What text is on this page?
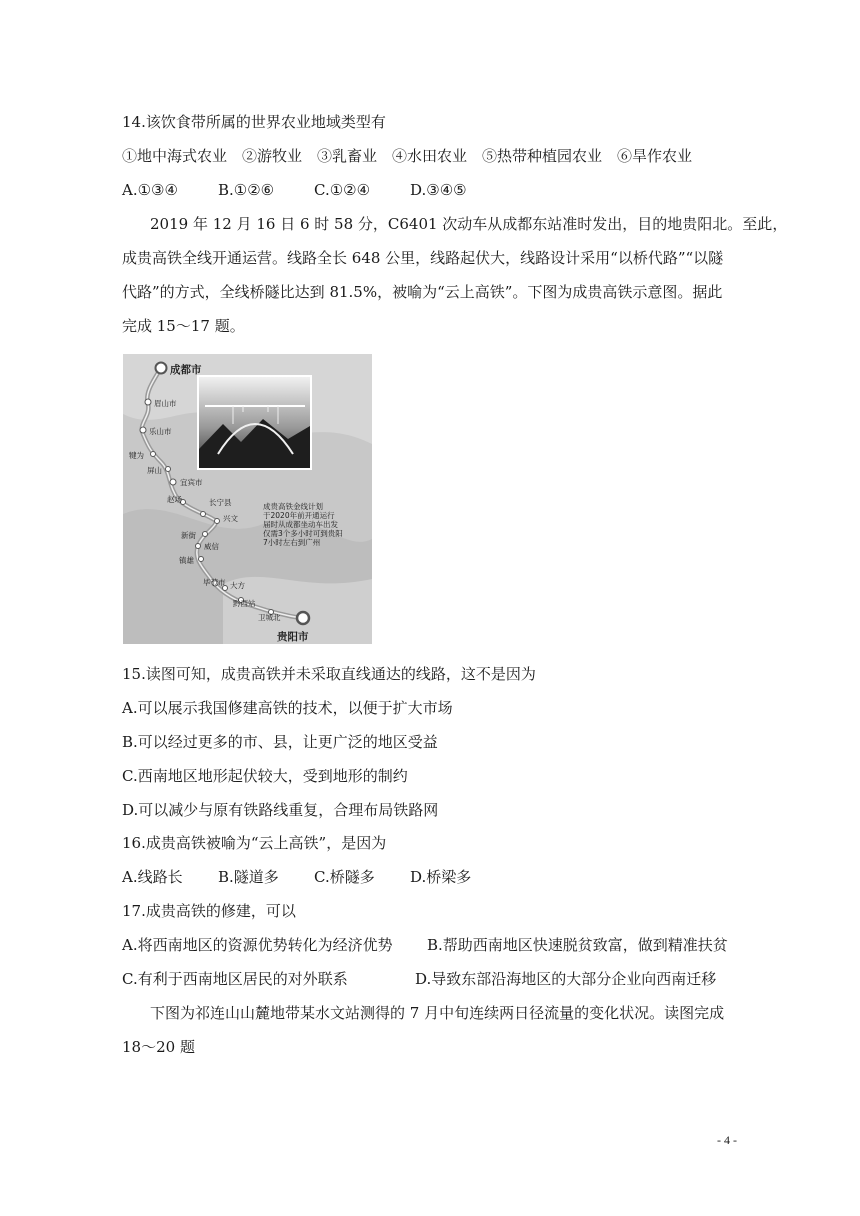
14.该饮食带所属的世界农业地域类型有
①地中海式农业　②游牧业　③乳畜业　④水田农业　⑤热带种植园农业　⑥旱作农业
A.①③④	B.①②⑥	C.①②④	D.③④⑤
2019 年 12 月 16 日 6 时 58 分，C6401 次动车从成都东站准时发出，目的地贵阳北。至此，
成贵高铁全线开通运营。线路全长 648 公里，线路起伏大，线路设计采用“以桥代路”“以隧
代路”的方式，全线桥隧比达到 81.5%，被喻为“云上高铁”。下图为成贵高铁示意图。据此
完成 15～17 题。
成都市
眉山市
乐山市
犍为
屏山
宜宾市
赵场	长宁县
兴文
新街
威信
镇雄
毕节市 大方
黔西站
卫城北
贵阳市
成贵高铁金线计划
于2020年前开通运行
届时从成都坐动车出发
仅需3个多小时可到贵阳
7小时左右到广州
15.读图可知，成贵高铁并未采取直线通达的线路，这不是因为
A.可以展示我国修建高铁的技术，以便于扩大市场
B.可以经过更多的市、县，让更广泛的地区受益
C.西南地区地形起伏较大，受到地形的制约
D.可以减少与原有铁路线重复，合理布局铁路网
16.成贵高铁被喻为“云上高铁”，是因为
A.线路长 B.隧道多 C.桥隧多 D.桥梁多
17.成贵高铁的修建，可以
A.将西南地区的资源优势转化为经济优势 B.帮助西南地区快速脱贫致富，做到精准扶贫
C.有利于西南地区居民的对外联系	D.导致东部沿海地区的大部分企业向西南迁移
下图为祁连山山麓地带某水文站测得的 7 月中旬连续两日径流量的变化状况。读图完成
18～20 题
- 4 -
